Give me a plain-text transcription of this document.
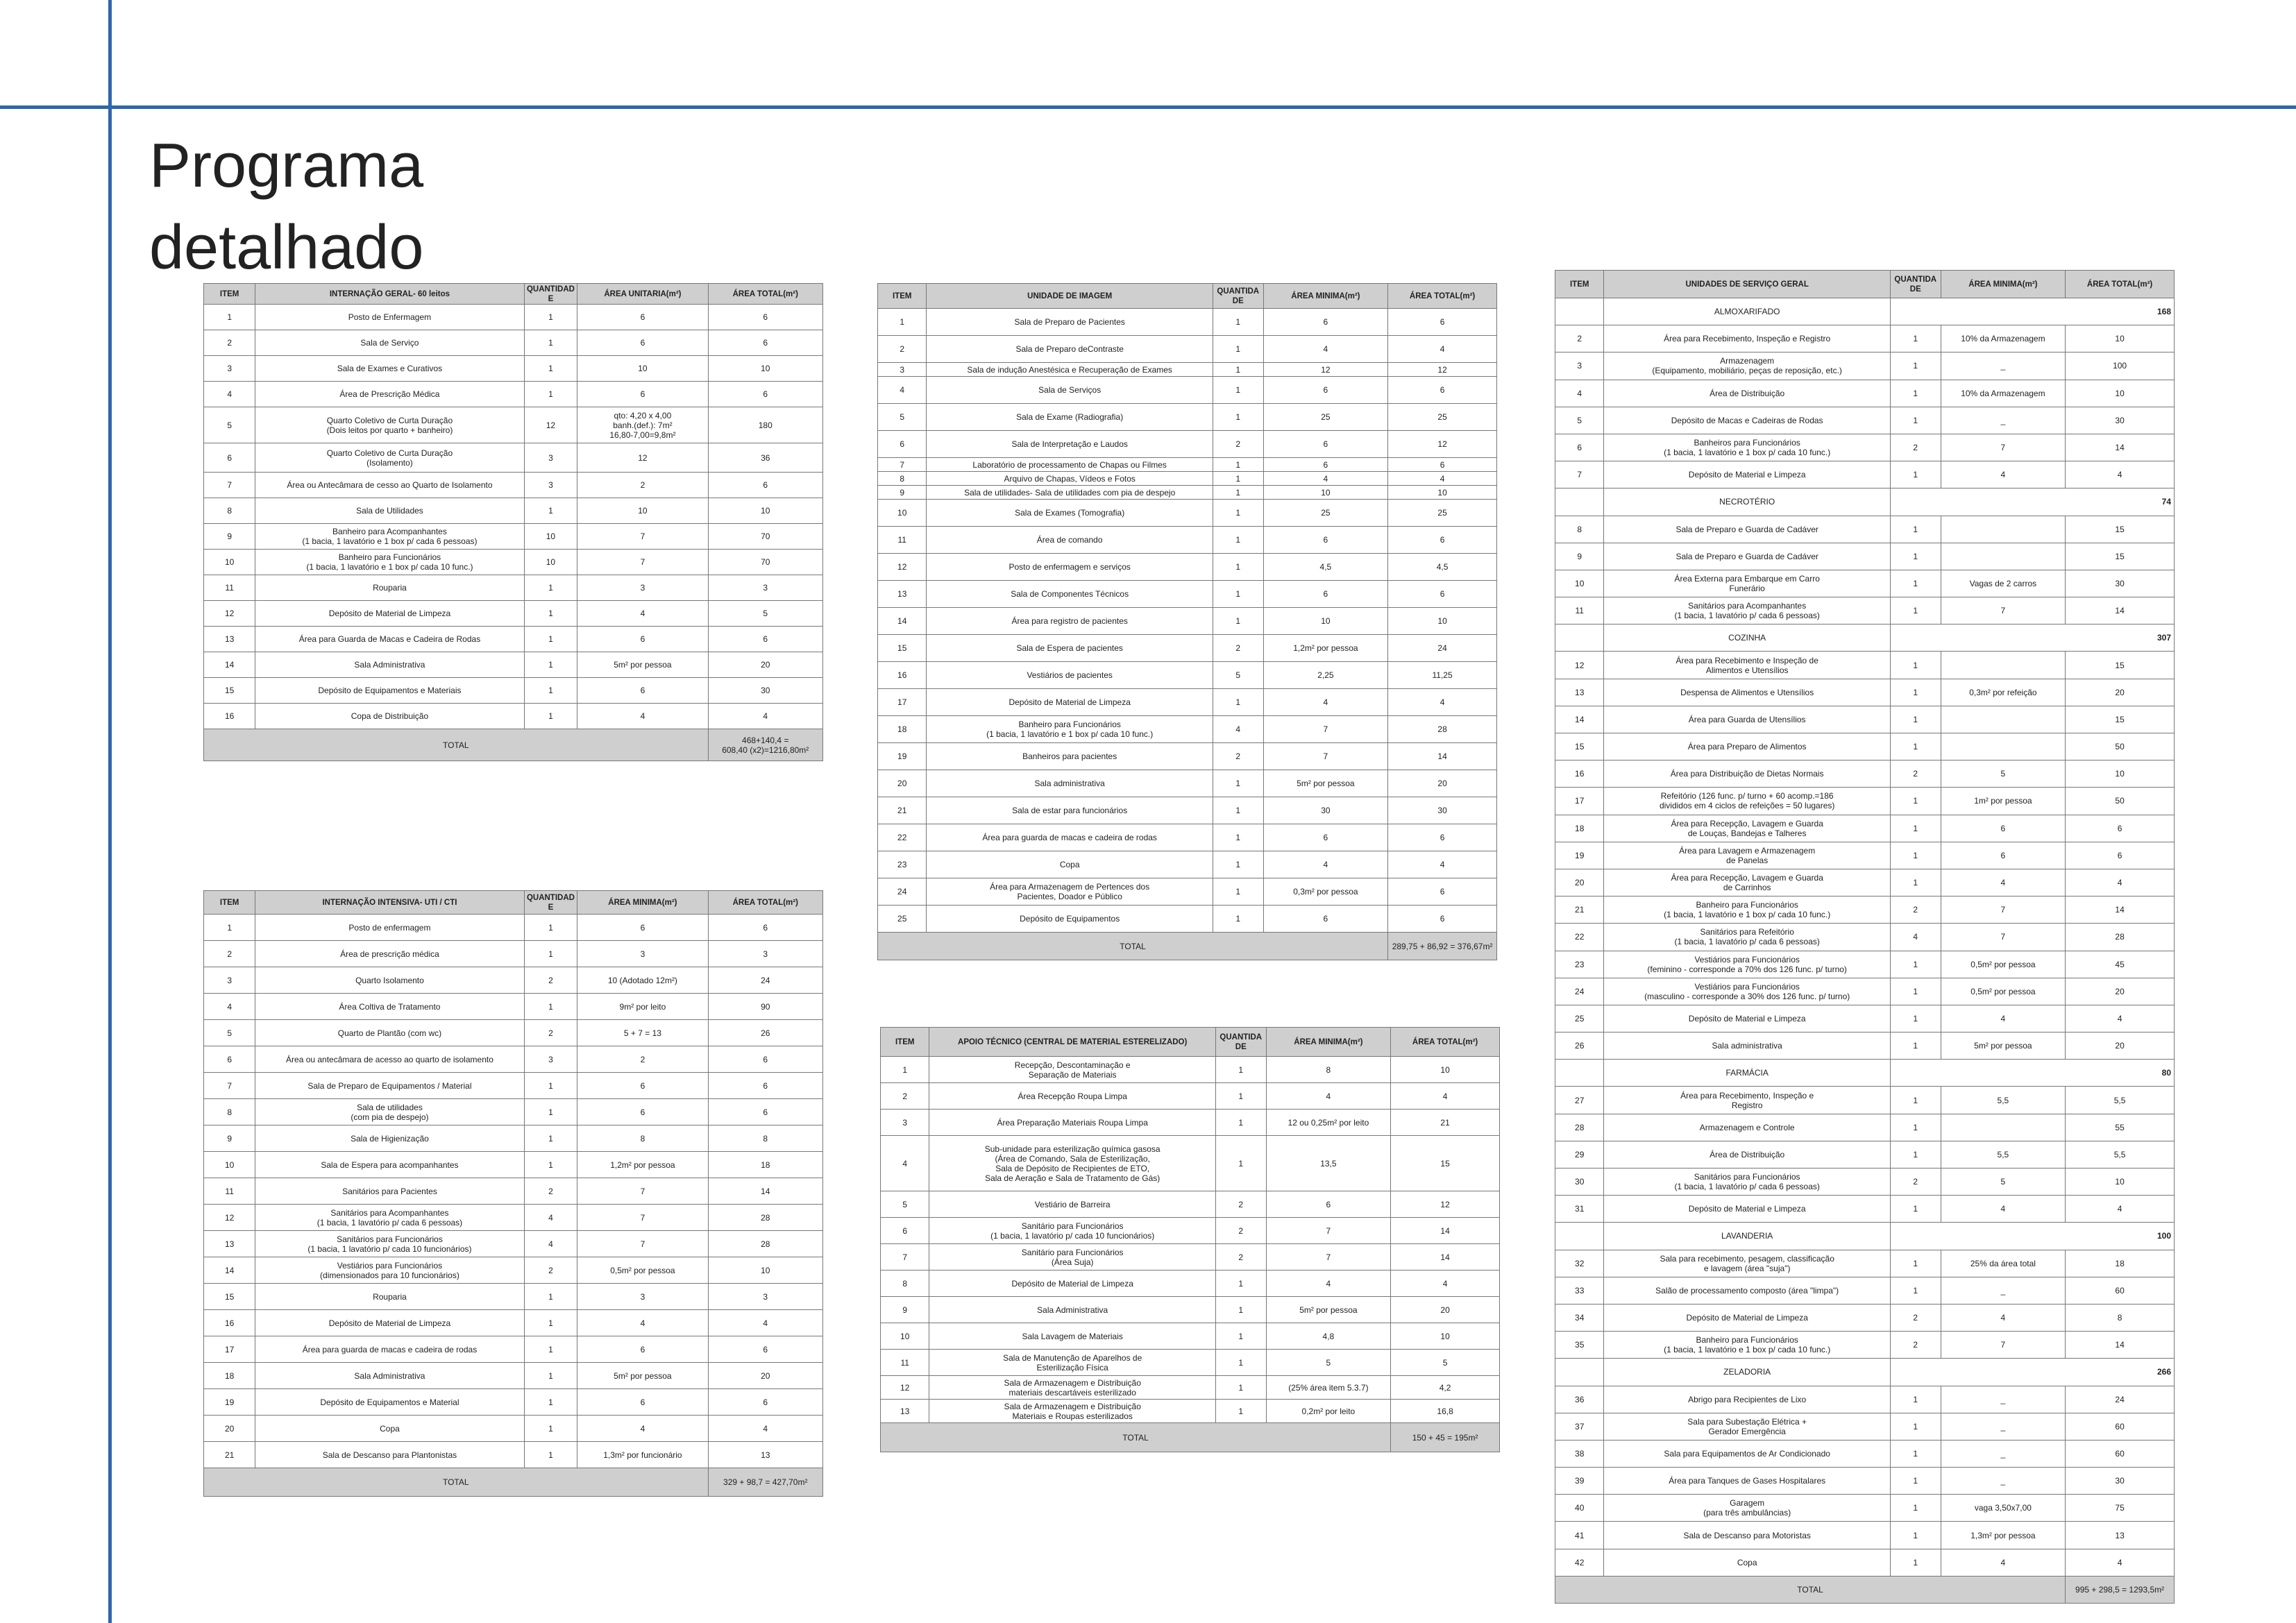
Programa
detalhado
ITEM	INTERNAÇÃO GERAL- 60 leitos	QUANTIDADE	ÁREA UNITARIA(m²)	ÁREA TOTAL(m²)
1	Posto de Enfermagem	1	6	6
2	Sala de Serviço	1	6	6
3	Sala de Exames e Curativos	1	10	10
4	Área de Prescrição Médica	1	6	6
5	Quarto Coletivo de Curta Duração
(Dois leitos por quarto + banheiro)	12	qto: 4,20 x 4,00
banh.(def.): 7m²
16,80-7,00=9,8m²	180
6	Quarto Coletivo de Curta Duração
(Isolamento)	3	12	36
7	Área ou Antecâmara de cesso ao Quarto de Isolamento	3	2	6
8	Sala de Utilidades	1	10	10
9	Banheiro para Acompanhantes
(1 bacia, 1 lavatório e 1 box p/ cada 6 pessoas)	10	7	70
10	Banheiro para Funcionários
(1 bacia, 1 lavatório e 1 box p/ cada 10 func.)	10	7	70
11	Rouparia	1	3	3
12	Depósito de Material de Limpeza	1	4	5
13	Área para Guarda de Macas e Cadeira de Rodas	1	6	6
14	Sala Administrativa	1	5m² por pessoa	20
15	Depósito de Equipamentos e Materiais	1	6	30
16	Copa de Distribuição	1	4	4
TOTAL				468+140,4 =
608,40 (x2)=1216,80m²
ITEM	INTERNAÇÃO INTENSIVA- UTI / CTI	QUANTIDADE	ÁREA MINIMA(m²)	ÁREA TOTAL(m²)
1	Posto de enfermagem	1	6	6
2	Área de prescrição médica	1	3	3
3	Quarto Isolamento	2	10 (Adotado 12m²)	24
4	Área Coltiva de Tratamento	1	9m² por leito	90
5	Quarto de Plantão (com wc)	2	5 + 7 = 13	26
6	Área ou antecâmara de acesso ao quarto de isolamento	3	2	6
7	Sala de Preparo de Equipamentos / Material	1	6	6
8	Sala de utilidades
(com pia de despejo)	1	6	6
9	Sala de Higienização	1	8	8
10	Sala de Espera para acompanhantes	1	1,2m² por pessoa	18
11	Sanitários para Pacientes	2	7	14
12	Sanitários para Acompanhantes
(1 bacia, 1 lavatório p/ cada 6 pessoas)	4	7	28
13	Sanitários para Funcionários
(1 bacia, 1 lavatório p/ cada 10 funcionários)	4	7	28
14	Vestiários para Funcionários
(dimensionados para 10 funcionários)	2	0,5m² por pessoa	10
15	Rouparia	1	3	3
16	Depósito de Material de Limpeza	1	4	4
17	Área para guarda de macas e cadeira de rodas	1	6	6
18	Sala Administrativa	1	5m² por pessoa	20
19	Depósito de Equipamentos e Material	1	6	6
20	Copa	1	4	4
21	Sala de Descanso para Plantonistas	1	1,3m² por funcionário	13
TOTAL				329 + 98,7 = 427,70m²
ITEM	UNIDADE DE IMAGEM	QUANTIDADE	ÁREA MINIMA(m²)	ÁREA TOTAL(m²)
1	Sala de Preparo de Pacientes	1	6	6
2	Sala de Preparo deContraste	1	4	4
3	Sala de indução Anestésica e Recuperação de Exames	1	12	12
4	Sala de Serviços	1	6	6
5	Sala de Exame (Radiografia)	1	25	25
6	Sala de Interpretação e Laudos	2	6	12
7	Laboratório de processamento de Chapas ou Filmes	1	6	6
8	Arquivo de Chapas, Vídeos e Fotos	1	4	4
9	Sala de utilidades- Sala de utilidades com pia de despejo	1	10	10
10	Sala de Exames (Tomografia)	1	25	25
11	Área de comando	1	6	6
12	Posto de enfermagem e serviços	1	4,5	4,5
13	Sala de Componentes Técnicos	1	6	6
14	Área para registro de pacientes	1	10	10
15	Sala de Espera de pacientes	2	1,2m² por pessoa	24
16	Vestiários de pacientes	5	2,25	11,25
17	Depósito de Material de Limpeza	1	4	4
18	Banheiro para Funcionários
(1 bacia, 1 lavatório e 1 box p/ cada 10 func.)	4	7	28
19	Banheiros para pacientes	2	7	14
20	Sala administrativa	1	5m² por pessoa	20
21	Sala de estar para funcionários	1	30	30
22	Área para guarda de macas e cadeira de rodas	1	6	6
23	Copa	1	4	4
24	Área para Armazenagem de Pertences dos
Pacientes, Doador e Público	1	0,3m² por pessoa	6
25	Depósito de Equipamentos	1	6	6
TOTAL				289,75 + 86,92 = 376,67m²
ITEM	APOIO TÉCNICO (CENTRAL DE MATERIAL ESTERELIZADO)	QUANTIDADE	ÁREA MINIMA(m²)	ÁREA TOTAL(m²)
1	Recepção, Descontaminação e
Separação de Materiais	1	8	10
2	Área Recepção Roupa Limpa	1	4	4
3	Área Preparação Materiais Roupa Limpa	1	12 ou 0,25m² por leito	21
4	Sub-unidade para esterilização química gasosa
(Área de Comando, Sala de Esterilização,
Sala de Depósito de Recipientes de ETO,
Sala de Aeração e Sala de Tratamento de Gás)	1	13,5	15
5	Vestiário de Barreira	2	6	12
6	Sanitário para Funcionários
(1 bacia, 1 lavatório p/ cada 10 funcionários)	2	7	14
7	Sanitário para Funcionários
(Área Suja)	2	7	14
8	Depósito de Material de Limpeza	1	4	4
9	Sala Administrativa	1	5m² por pessoa	20
10	Sala Lavagem de Materiais	1	4,8	10
11	Sala de Manutenção de Aparelhos de
Esterilização Física	1	5	5
12	Sala de Armazenagem e Distribuição
materiais descartáveis esterilizado	1	(25% área item 5.3.7)	4,2
13	Sala de Armazenagem e Distribuição
Materiais e Roupas esterilizados	1	0,2m² por leito	16,8
TOTAL				150 + 45 = 195m²
ITEM	UNIDADES DE SERVIÇO GERAL	QUANTIDADE	ÁREA MINIMA(m²)	ÁREA TOTAL(m²)
	ALMOXARIFADO	168		
2	Área para Recebimento, Inspeção e Registro	1	10% da Armazenagem	10
3	Armazenagem
(Equipamento, mobiliário, peças de reposição, etc.)	1	_	100
4	Área de Distribuição	1	10% da Armazenagem	10
5	Depósito de Macas e Cadeiras de Rodas	1	_	30
6	Banheiros para Funcionários
(1 bacia, 1 lavatório e 1 box p/ cada 10 func.)	2	7	14
7	Depósito de Material e Limpeza	1	4	4
	NECROTÉRIO	74		
8	Sala de Preparo e Guarda de Cadáver	1		15
9	Sala de Preparo e Guarda de Cadáver	1		15
10	Área Externa para Embarque em Carro
Funerário	1	Vagas de 2 carros	30
11	Sanitários para Acompanhantes
(1 bacia, 1 lavatório p/ cada 6 pessoas)	1	7	14
	COZINHA	307		
12	Área para Recebimento e Inspeção de
Alimentos e Utensílios	1		15
13	Despensa de Alimentos e Utensílios	1	0,3m² por refeição	20
14	Área para Guarda de Utensílios	1		15
15	Área para Preparo de Alimentos	1		50
16	Área para Distribuição de Dietas Normais	2	5	10
17	Refeitório (126 func. p/ turno + 60 acomp.=186
divididos em 4 ciclos de refeições = 50 lugares)	1	1m² por pessoa	50
18	Área para Recepção, Lavagem e Guarda
de Louças, Bandejas e Talheres	1	6	6
19	Área para Lavagem e Armazenagem
de Panelas	1	6	6
20	Área para Recepção, Lavagem e Guarda
de Carrinhos	1	4	4
21	Banheiro para Funcionários
(1 bacia, 1 lavatório e 1 box p/ cada 10 func.)	2	7	14
22	Sanitários para Refeitório
(1 bacia, 1 lavatório p/ cada 6 pessoas)	4	7	28
23	Vestiários para Funcionários
(feminino - corresponde a 70% dos 126 func. p/ turno)	1	0,5m² por pessoa	45
24	Vestiários para Funcionários
(masculino - corresponde a 30% dos 126 func. p/ turno)	1	0,5m² por pessoa	20
25	Depósito de Material e Limpeza	1	4	4
26	Sala administrativa	1	5m² por pessoa	20
	FARMÁCIA	80		
27	Área para Recebimento, Inspeção e
Registro	1	5,5	5,5
28	Armazenagem e Controle	1		55
29	Área de Distribuição	1	5,5	5,5
30	Sanitários para Funcionários
(1 bacia, 1 lavatório p/ cada 6 pessoas)	2	5	10
31	Depósito de Material e Limpeza	1	4	4
	LAVANDERIA	100		
32	Sala para recebimento, pesagem, classificação
e lavagem (área "suja")	1	25% da área total	18
33	Salão de processamento composto (área "limpa")	1	_	60
34	Depósito de Material de Limpeza	2	4	8
35	Banheiro para Funcionários
(1 bacia, 1 lavatório e 1 box p/ cada 10 func.)	2	7	14
	ZELADORIA	266		
36	Abrigo para Recipientes de Lixo	1	_	24
37	Sala para Subestação Elétrica +
Gerador Emergência	1	_	60
38	Sala para Equipamentos de Ar Condicionado	1	_	60
39	Área para Tanques de Gases Hospitalares	1	_	30
40	Garagem
(para três ambulâncias)	1	vaga 3,50x7,00	75
41	Sala de Descanso para Motoristas	1	1,3m² por pessoa	13
42	Copa	1	4	4
TOTAL				995 + 298,5 = 1293,5m²
